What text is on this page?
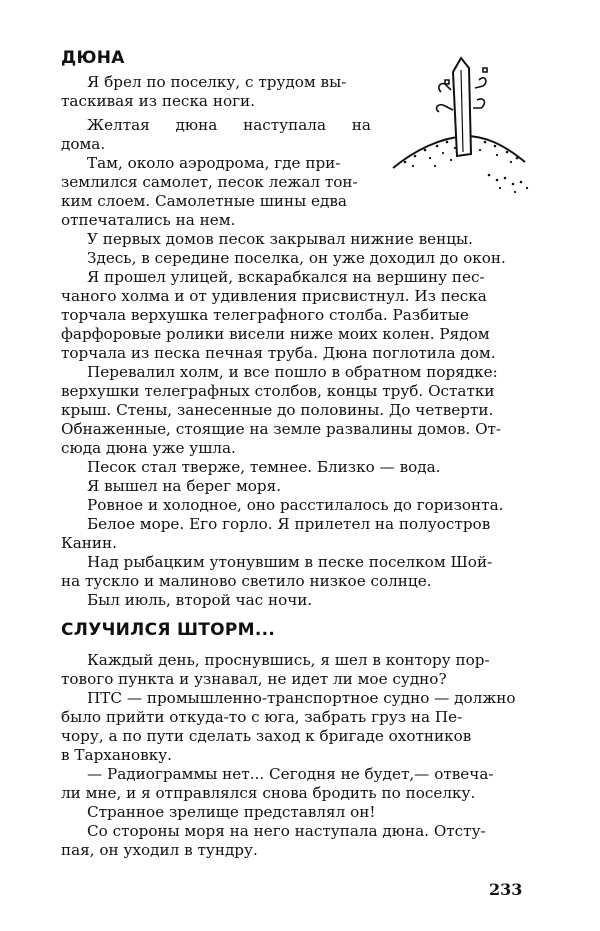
ДЮНА

Я брел по поселку, с трудом вы-

таскивая из песка ноги.

Желтая дюна наступала на

дома.

Там, около аэродрома, где при-

землился самолет, песок лежал тон-

ким слоем. Самолетные шины едва

отпечатались на нем.

У первых домов песок закрывал нижние венцы.

Здесь, в середине поселка, он уже доходил до окон.

Я прошел улицей, вскарабкался на вершину пес-

чаного холма и от удивления присвистнул. Из песка

торчала верхушка телеграфного столба. Разбитые

фарфоровые ролики висели ниже моих колен. Рядом

торчала из песка печная труба. Дюна поглотила дом.

Перевалил холм, и все пошло в обратном порядке:

верхушки телеграфных столбов, концы труб. Остатки

крыш. Стены, занесенные до половины. До четверти.

Обнаженные, стоящие на земле развалины домов. От-

сюда дюна уже ушла.

Песок стал тверже, темнее. Близко — вода.

Я вышел на берег моря.

Ровное и холодное, оно расстилалось до горизонта.

Белое море. Его горло. Я прилетел на полуостров

Канин.

Над рыбацким утонувшим в песке поселком Шой-

на тускло и малиново светило низкое солнце.

Был июль, второй час ночи.

СЛУЧИЛСЯ ШТОРМ...

Каждый день, проснувшись, я шел в контору пор-

тового пункта и узнавал, не идет ли мое судно?

ПТС — промышленно-транспортное судно — должно

было прийти откуда-то с юга, забрать груз на Пе-

чору, а по пути сделать заход к бригаде охотников

в Тархановку.

— Радиограммы нет... Сегодня не будет,— отвеча-

ли мне, и я отправлялся снова бродить по поселку.

Странное зрелище представлял он!

Со стороны моря на него наступала дюна. Отсту-

пая, он уходил в тундру.

233
